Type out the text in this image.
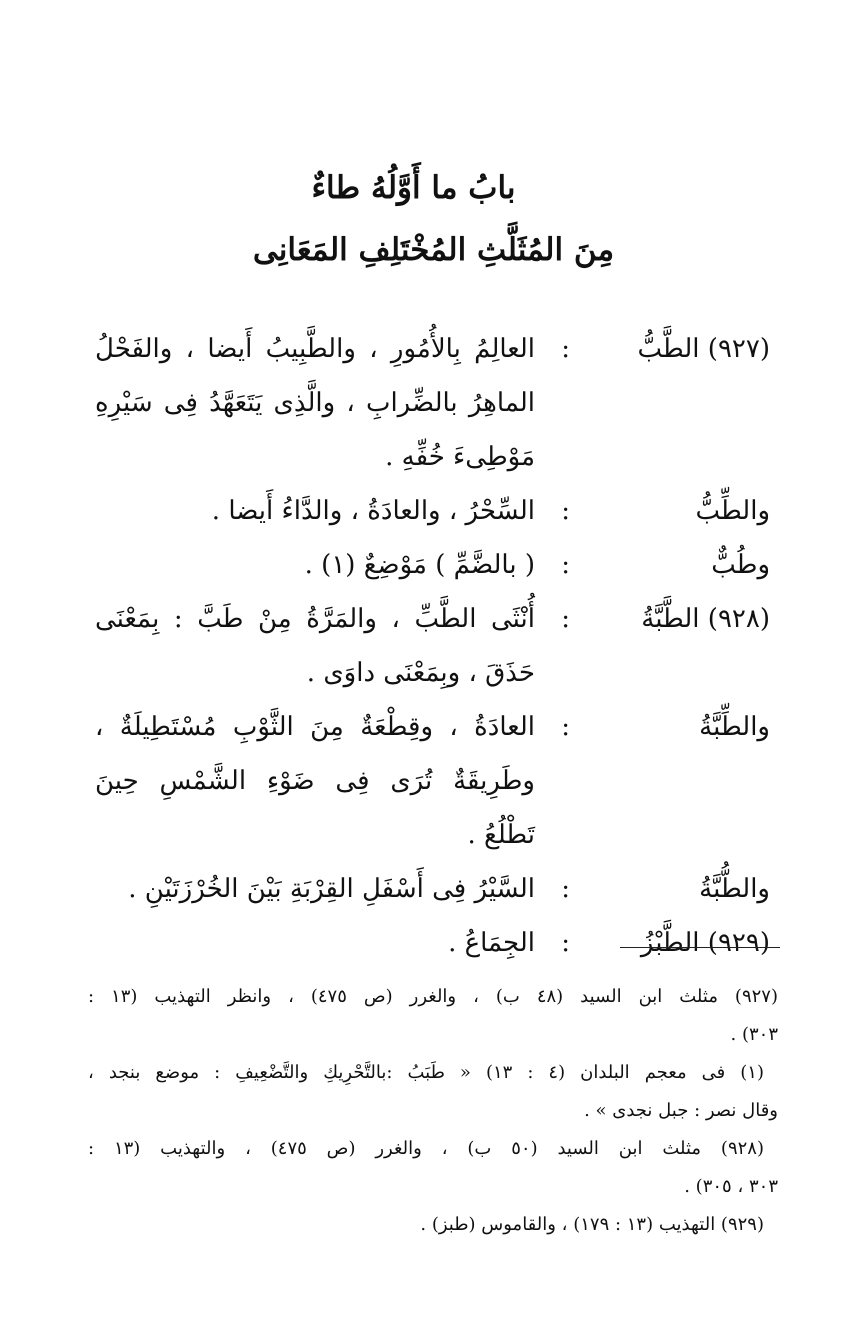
بابُ ما أَوَّلُهُ طاءٌ
مِنَ المُثَلَّثِ المُخْتَلِفِ المَعَانِى
(٩٢٧) الطَّبُّ
:
العالِمُ بِالأُمُورِ ، والطَّبِيبُ أَيضا ، والفَحْلُ
الماهِرُ بالضِّرابِ ، والَّذِى يَتَعَهَّدُ فِى سَيْرِهِ
مَوْطِىءَ خُفِّهِ .
والطِّبُّ
:
السِّحْرُ ، والعادَةُ ، والدَّاءُ أَيضا .
وطُبٌّ
:
( بالضَّمِّ ) مَوْضِعٌ (١) .
(٩٢٨) الطَّبَّةُ
:
أُنْثَى الطَّبِّ ، والمَرَّةُ مِنْ طَبَّ : بِمَعْنَى
حَذَقَ ، وبِمَعْنَى داوَى .
والطِّبَّةُ
:
العادَةُ ، وقِطْعَةٌ مِنَ الثَّوْبِ مُسْتَطِيلَةٌ ،
وطَرِيقَةٌ تُرَى فِى ضَوْءِ الشَّمْسِ حِينَ
تَطْلُعُ .
والطُّبَّةُ
:
السَّيْرُ فِى أَسْفَلِ القِرْبَةِ بَيْنَ الخُرْزَتَيْنِ .
(٩٢٩) الطَّبْزُ
:
الجِمَاعُ .
(٩٢٧) مثلث ابن السيد (٤٨ ب) ، والغرر (ص ٤٧٥) ، وانظر التهذيب (١٣ :
٣٠٣) .
(١) فى معجم البلدان (٤ : ١٣) « طَبَبُ :بالتَّحْرِيكِ والتَّضْعِيفِ : موضع بنجد ،
وقال نصر : جبل نجدى » .
(٩٢٨) مثلث ابن السيد (٥٠ ب) ، والغرر (ص ٤٧٥) ، والتهذيب (١٣ :
٣٠٣ ، ٣٠٥) .
(٩٢٩) التهذيب (١٣ : ١٧٩) ، والقاموس (طبز) .
